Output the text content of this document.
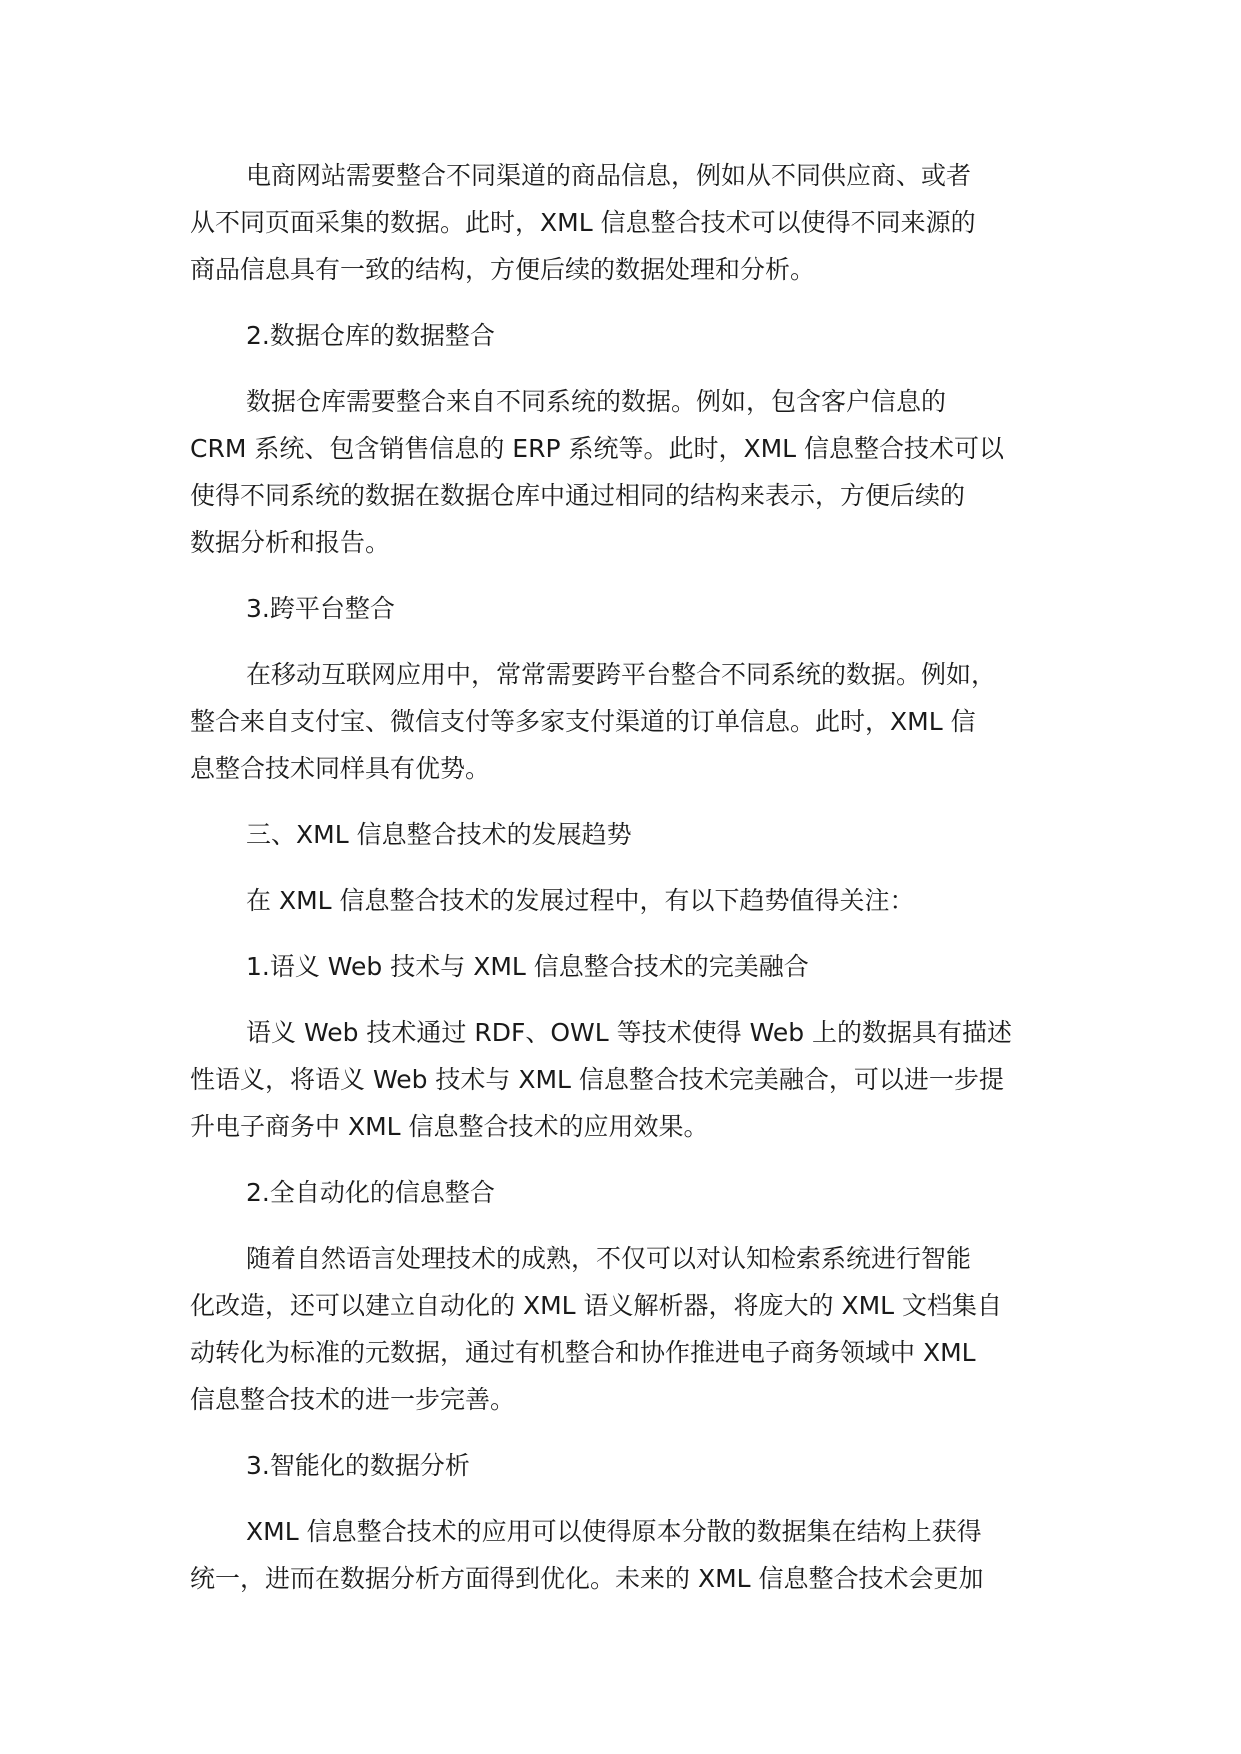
电商网站需要整合不同渠道的商品信息，例如从不同供应商、或者
从不同页面采集的数据。此时，XML 信息整合技术可以使得不同来源的
商品信息具有一致的结构，方便后续的数据处理和分析。

2.数据仓库的数据整合

数据仓库需要整合来自不同系统的数据。例如，包含客户信息的
CRM 系统、包含销售信息的 ERP 系统等。此时，XML 信息整合技术可以
使得不同系统的数据在数据仓库中通过相同的结构来表示，方便后续的
数据分析和报告。

3.跨平台整合

在移动互联网应用中，常常需要跨平台整合不同系统的数据。例如，
整合来自支付宝、微信支付等多家支付渠道的订单信息。此时，XML 信
息整合技术同样具有优势。

三、XML 信息整合技术的发展趋势

在 XML 信息整合技术的发展过程中，有以下趋势值得关注：

1.语义 Web 技术与 XML 信息整合技术的完美融合

语义 Web 技术通过 RDF、OWL 等技术使得 Web 上的数据具有描述
性语义，将语义 Web 技术与 XML 信息整合技术完美融合，可以进一步提
升电子商务中 XML 信息整合技术的应用效果。

2.全自动化的信息整合

随着自然语言处理技术的成熟，不仅可以对认知检索系统进行智能
化改造，还可以建立自动化的 XML 语义解析器，将庞大的 XML 文档集自
动转化为标准的元数据，通过有机整合和协作推进电子商务领域中 XML
信息整合技术的进一步完善。

3.智能化的数据分析

XML 信息整合技术的应用可以使得原本分散的数据集在结构上获得
统一，进而在数据分析方面得到优化。未来的 XML 信息整合技术会更加
